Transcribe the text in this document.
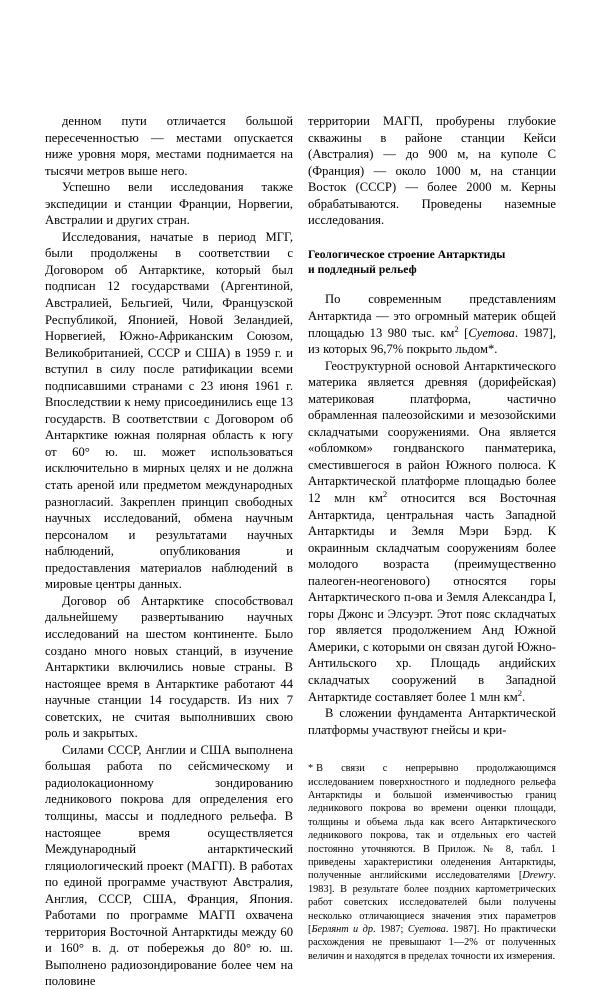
денном пути отличается большой пересеченностью — местами опускается ниже уровня моря, местами поднимается на тысячи метров выше него.

Успешно вели исследования также экспедиции и станции Франции, Норвегии, Австралии и других стран.

Исследования, начатые в период МГГ, были продолжены в соответствии с Договором об Антарктике, который был подписан 12 государствами (Аргентиной, Австралией, Бельгией, Чили, Французской Республикой, Японией, Новой Зеландией, Норвегией, Южно-Африканским Союзом, Великобританией, СССР и США) в 1959 г. и вступил в силу после ратификации всеми подписавшими странами с 23 июня 1961 г. Впоследствии к нему присоединились еще 13 государств. В соответствии с Договором об Антарктике южная полярная область к югу от 60° ю. ш. может использоваться исключительно в мирных целях и не должна стать ареной или предметом международных разногласий. Закреплен принцип свободных научных исследований, обмена научным персоналом и результатами научных наблюдений, опубликования и предоставления материалов наблюдений в мировые центры данных.

Договор об Антарктике способствовал дальнейшему развертыванию научных исследований на шестом континенте. Было создано много новых станций, в изучение Антарктики включились новые страны. В настоящее время в Антарктике работают 44 научные станции 14 государств. Из них 7 советских, не считая выполнивших свою роль и закрытых.

Силами СССР, Англии и США выполнена большая работа по сейсмическому и радиолокационному зондированию ледникового покрова для определения его толщины, массы и подледного рельефа. В настоящее время осуществляется Международный антарктический гляциологический проект (МАГП). В работах по единой программе участвуют Австралия, Англия, СССР, США, Франция, Япония. Работами по программе МАГП охвачена территория Восточной Антарктиды между 60 и 160° в. д. от побережья до 80° ю. ш. Выполнено радиозондирование более чем на половине

территории МАГП, пробурены глубокие скважины в районе станции Кейси (Австралия) — до 900 м, на куполе С (Франция) — около 1000 м, на станции Восток (СССР) — более 2000 м. Керны обрабатываются. Проведены наземные исследования.

Геологическое строение Антарктиды
и подледный рельеф

По современным представлениям Антарктида — это огромный материк общей площадью 13 980 тыс. $км^2$ [Суетова. 1987], из которых 96,7% покрыто льдом*.

Геоструктурной основой Антарктического материка является древняя (дорифейская) материковая платформа, частично обрамленная палеозойскими и мезозойскими складчатыми сооружениями. Она является «обломком» гондванского панматерика, сместившегося в район Южного полюса. К Антарктической платформе площадью более 12 млн $км^2$ относится вся Восточная Антарктида, центральная часть Западной Антарктиды и Земля Мэри Бэрд. К окраинным складчатым сооружениям более молодого возраста (преимущественно палеоген-неогенового) относятся горы Антарктического п-ова и Земля Александра I, горы Джонс и Элсуэрт. Этот пояс складчатых гор является продолжением Анд Южной Америки, с которыми он связан дугой Южно-Антильского хр. Площадь андийских складчатых сооружений в Западной Антарктиде составляет более 1 млн $км^2$.

В сложении фундамента Антарктической платформы участвуют гнейсы и кри-

* В связи с непрерывно продолжающимся исследованием поверхностного и подледного рельефа Антарктиды и большой изменчивостью границ ледникового покрова во времени оценки площади, толщины и объема льда как всего Антарктического ледникового покрова, так и отдельных его частей постоянно уточняются. В Прилож. № 8, табл. 1 приведены характеристики оледенения Антарктиды, полученные английскими исследователями [Drewry. 1983]. В результате более поздних картометрических работ советских исследователей были получены несколько отличающиеся значения этих параметров [Берлянт и др. 1987; Суетова. 1987]. Но практически расхождения не превышают 1—2% от полученных величин и находятся в пределах точности их измерения.
